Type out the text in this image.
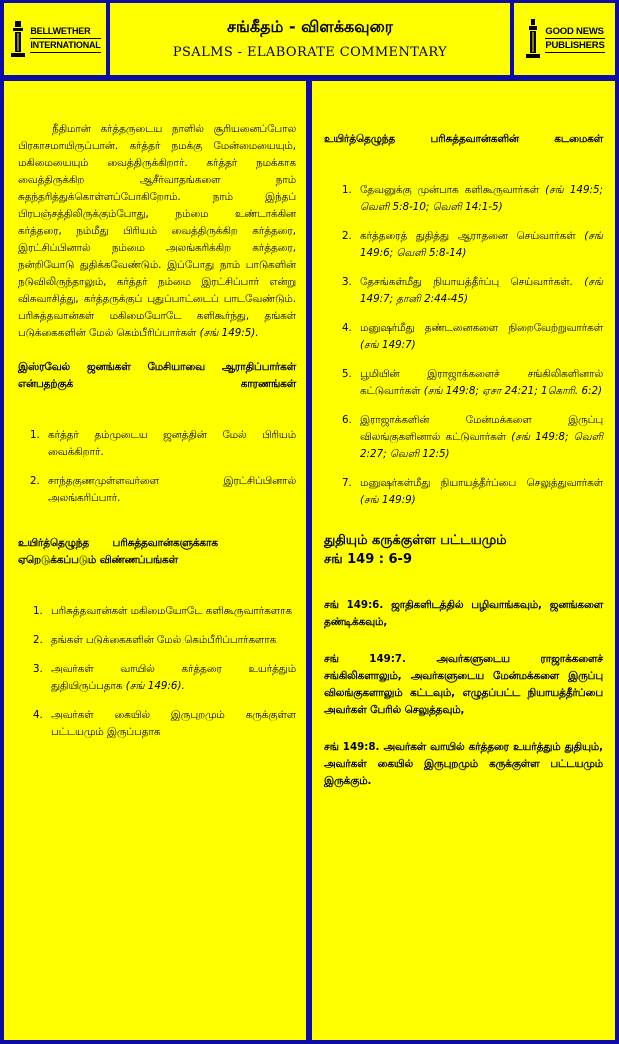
BELLWETHER
INTERNATIONAL
சங்கீதம் - விளக்கவுரை
PSALMS - ELABORATE COMMENTARY
GOOD NEWS
PUBLISHERS

நீதிமான் கர்த்தருடைய நாளில் சூரியனைப்போல பிரகாசமாயிருப்பான். கர்த்தர் நமக்கு மேன்மையையும், மகிமையையும் வைத்திருக்கிறார். கர்த்தர் நமக்காக வைத்திருக்கிற ஆசீர்வாதங்களை நாம் சுதந்தரித்துக்கொள்ளப்போகிறோம். நாம் இந்தப் பிரபஞ்சத்திலிருக்கும்போது, நம்மை உண்டாக்கின கர்த்தரை, நம்மீது பிரியம் வைத்திருக்கிற கர்த்தரை, இரட்சிப்பினால் நம்மை அலங்கரிக்கிற கர்த்தரை, நன்றியோடு துதிக்கவேண்டும். இப்போது நாம் பாடுகளின் நடுவிலிருந்தாலும், கர்த்தர் நம்மை இரட்சிப்பார் என்று விசுவாசித்து, கர்த்தருக்குப் புதுப்பாட்டைப் பாடவேண்டும். பரிசுத்தவான்கள் மகிமையோடே களிகூர்ந்து, தங்கள் படுக்கைகளின் மேல் கெம்பீரிப்பார்கள் (சங் 149:5).

இஸ்ரவேல் ஜனங்கள் மேசியாவை ஆராதிப்பார்கள் என்பதற்குக் காரணங்கள்

1. கர்த்தர் தம்முடைய ஜனத்தின் மேல் பிரியம் வைக்கிறார்.
2. சாந்தகுணமுள்ளவர்ளை இரட்சிப்பினால் அலங்கரிப்பார்.

உயிர்த்தெழுந்த பரிசுத்தவான்களுக்காக ஏறெடுக்கப்படும் விண்ணப்பங்கள்

1. பரிசுத்தவான்கள் மகிமையோடே களிகூருவார்களாக
2. தங்கள் படுக்கைகளின் மேல் கெம்பீரிப்பார்களாக
3. அவர்கள் வாயில் கர்த்தரை உயர்த்தும் துதியிருப்பதாக (சங் 149:6).
4. அவர்கள் கையில் இருபுறமும் கருக்குள்ள பட்டயமும் இருப்பதாக

உயிர்த்தெழுந்த பரிசுத்தவான்களின் கடமைகள்

1. தேவனுக்கு முன்பாக களிகூருவார்கள் (சங் 149:5; வெளி 5:8-10; வெளி 14:1-5)
2. கர்த்தரைத் துதித்து ஆராதனை செய்வார்கள் (சங் 149:6; வெளி 5:8-14)
3. தேசங்கள்மீது நியாயத்தீர்ப்பு செய்வார்கள். (சங் 149:7; தானி 2:44-45)
4. மனுஷர்மீது தண்டனைகளை நிறைவேற்றுவார்கள் (சங் 149:7)
5. பூமியின் இராஜாக்களைச் சங்கிலிகளினால் கட்டுவார்கள் (சங் 149:8; ஏசா 24:21; 1கொரி. 6:2)
6. இராஜாக்களின் மேன்மக்களை இருப்பு விலங்குகளினால் கட்டுவார்கள் (சங் 149:8; வெளி 2:27; வெளி 12:5)
7. மனுஷர்கள்மீது நியாயத்தீர்ப்பை செலுத்துவார்கள் (சங் 149:9)

துதியும் கருக்குள்ள பட்டயமும்
சங் 149 : 6-9

சங் 149:6. ஜாதிகளிடத்தில் பழிவாங்கவும், ஜனங்களை தண்டிக்கவும்,

சங் 149:7. அவர்களுடைய ராஜாக்களைச் சங்கிலிகளாலும், அவர்களுடைய மேன்மக்களை இருப்பு விலங்குகளாலும் கட்டவும், எழுதப்பட்ட நியாயத்தீர்ப்பை அவர்கள் பேரில் செலுத்தவும்,

சங் 149:8. அவர்கள் வாயில் கர்த்தரை உயர்த்தும் துதியும், அவர்கள் கையில் இருபுறமும் கருக்குள்ள பட்டயமும் இருக்கும்.
